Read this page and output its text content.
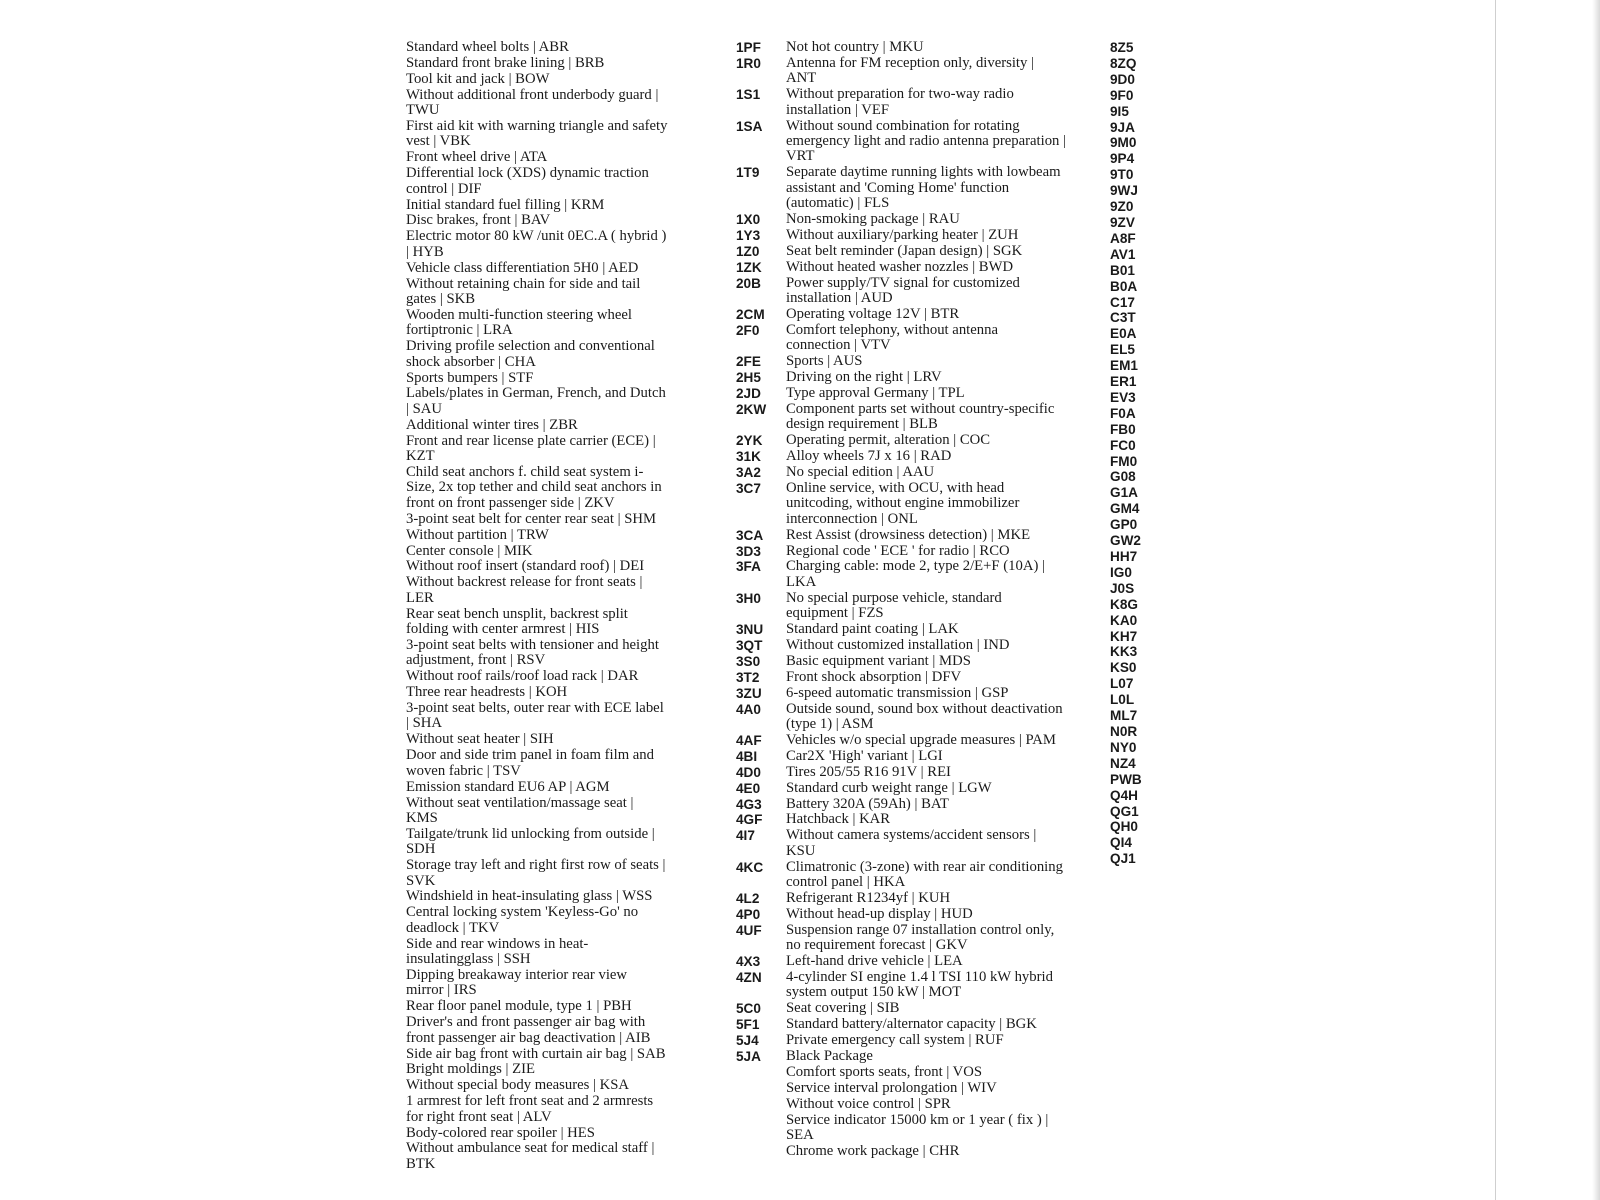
Standard wheel bolts | ABR
Standard front brake lining | BRB
Tool kit and jack | BOW
Without additional front underbody guard | TWU
First aid kit with warning triangle and safety vest | VBK
Front wheel drive | ATA
Differential lock (XDS) dynamic traction control | DIF
Initial standard fuel filling | KRM
Disc brakes, front | BAV
Electric motor 80 kW /unit 0EC.A ( hybrid ) | HYB
Vehicle class differentiation 5H0 | AED
Without retaining chain for side and tail gates | SKB
Wooden multi-function steering wheel fortiptronic | LRA
Driving profile selection and conventional shock absorber | CHA
Sports bumpers | STF
Labels/plates in German, French, and Dutch | SAU
Additional winter tires | ZBR
Front and rear license plate carrier (ECE) | KZT
Child seat anchors f. child seat system i-Size, 2x top tether and child seat anchors in front on front passenger side | ZKV
3-point seat belt for center rear seat | SHM
Without partition | TRW
Center console | MIK
Without roof insert (standard roof) | DEI
Without backrest release for front seats | LER
Rear seat bench unsplit, backrest split folding with center armrest | HIS
3-point seat belts with tensioner and height adjustment, front | RSV
Without roof rails/roof load rack | DAR
Three rear headrests | KOH
3-point seat belts, outer rear with ECE label | SHA
Without seat heater | SIH
Door and side trim panel in foam film and woven fabric | TSV
Emission standard EU6 AP | AGM
Without seat ventilation/massage seat | KMS
Tailgate/trunk lid unlocking from outside | SDH
Storage tray left and right first row of seats | SVK
Windshield in heat-insulating glass | WSS
Central locking system 'Keyless-Go' no deadlock | TKV
Side and rear windows in heat-insulatingglass | SSH
Dipping breakaway interior rear view mirror | IRS
Rear floor panel module, type 1 | PBH
Driver's and front passenger air bag with front passenger air bag deactivation | AIB
Side air bag front with curtain air bag | SAB
Bright moldings | ZIE
Without special body measures | KSA
1 armrest for left front seat and 2 armrests for right front seat | ALV
Body-colored rear spoiler | HES
Without ambulance seat for medical staff | BTK
1PF	Not hot country | MKU
1R0	Antenna for FM reception only, diversity | ANT
1S1	Without preparation for two-way radio installation | VEF
1SA	Without sound combination for rotating emergency light and radio antenna preparation | VRT
1T9	Separate daytime running lights with lowbeam assistant and 'Coming Home' function (automatic) | FLS
1X0	Non-smoking package | RAU
1Y3	Without auxiliary/parking heater | ZUH
1Z0	Seat belt reminder (Japan design) | SGK
1ZK	Without heated washer nozzles | BWD
20B	Power supply/TV signal for customized installation | AUD
2CM	Operating voltage 12V | BTR
2F0	Comfort telephony, without antenna connection | VTV
2FE	Sports | AUS
2H5	Driving on the right | LRV
2JD	Type approval Germany | TPL
2KW	Component parts set without country-specific design requirement | BLB
2YK	Operating permit, alteration | COC
31K	Alloy wheels 7J x 16 | RAD
3A2	No special edition | AAU
3C7	Online service, with OCU, with head unitcoding, without engine immobilizer interconnection | ONL
3CA	Rest Assist (drowsiness detection) | MKE
3D3	Regional code ' ECE ' for radio | RCO
3FA	Charging cable: mode 2, type 2/E+F (10A) | LKA
3H0	No special purpose vehicle, standard equipment | FZS
3NU	Standard paint coating | LAK
3QT	Without customized installation | IND
3S0	Basic equipment variant | MDS
3T2	Front shock absorption | DFV
3ZU	6-speed automatic transmission | GSP
4A0	Outside sound, sound box without deactivation (type 1) | ASM
4AF	Vehicles w/o special upgrade measures | PAM
4BI	Car2X 'High' variant | LGI
4D0	Tires 205/55 R16 91V | REI
4E0	Standard curb weight range | LGW
4G3	Battery 320A (59Ah) | BAT
4GF	Hatchback | KAR
4I7	Without camera systems/accident sensors | KSU
4KC	Climatronic (3-zone) with rear air conditioning control panel | HKA
4L2	Refrigerant R1234yf | KUH
4P0	Without head-up display | HUD
4UF	Suspension range 07 installation control only, no requirement forecast | GKV
4X3	Left-hand drive vehicle | LEA
4ZN	4-cylinder SI engine 1.4 l TSI 110 kW hybrid system output 150 kW | MOT
5C0	Seat covering | SIB
5F1	Standard battery/alternator capacity | BGK
5J4	Private emergency call system | RUF
5JA	Black Package
Comfort sports seats, front | VOS
Service interval prolongation | WIV
Without voice control | SPR
Service indicator 15000 km or 1 year ( fix ) | SEA
Chrome work package | CHR
8Z5
8ZQ
9D0
9F0
9I5
9JA
9M0
9P4
9T0
9WJ
9Z0
9ZV
A8F
AV1
B01
B0A
C17
C3T
E0A
EL5
EM1
ER1
EV3
F0A
FB0
FC0
FM0
G08
G1A
GM4
GP0
GW2
HH7
IG0
J0S
K8G
KA0
KH7
KK3
KS0
L07
L0L
ML7
N0R
NY0
NZ4
PWB
Q4H
QG1
QH0
QI4
QJ1
